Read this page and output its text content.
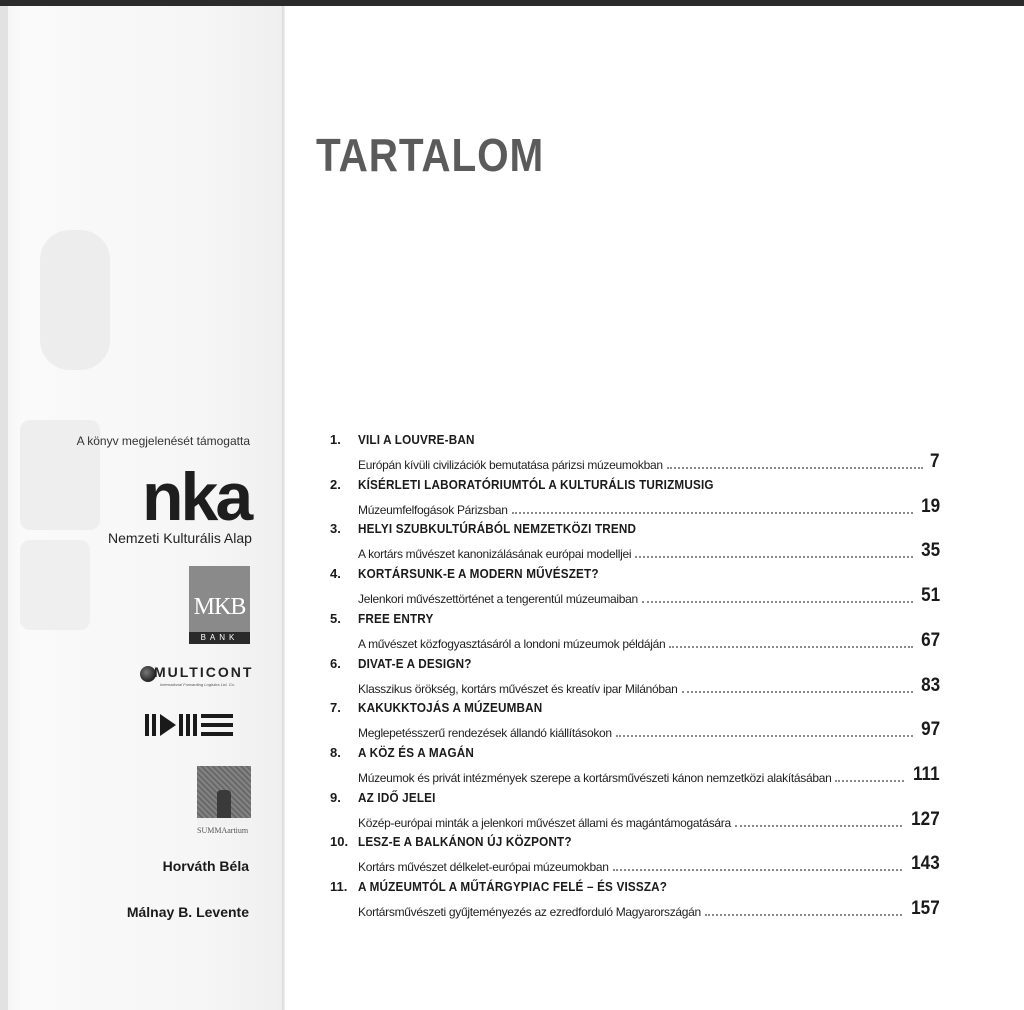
A könyv megjelenését támogatta
nka
Nemzeti Kulturális Alap
MKB
BANK
MULTICONT
International Forwarding Logistics Ltd. Co.
SUMMAartium
Horváth Béla
Málnay B. Levente
TARTALOM
1. VILI A LOUVRE-BAN
Európán kívüli civilizációk bemutatása párizsi múzeumokban	7
2. KÍSÉRLETI LABORATÓRIUMTÓL A KULTURÁLIS TURIZMUSIG
Múzeumfelfogások Párizsban	19
3. HELYI SZUBKULTÚRÁBÓL NEMZETKÖZI TREND
A kortárs művészet kanonizálásának európai modelljei	35
4. KORTÁRSUNK-E A MODERN MŰVÉSZET?
Jelenkori művészettörténet a tengerentúl múzeumaiban	51
5. FREE ENTRY
A művészet közfogyasztásáról a londoni múzeumok példáján	67
6. DIVAT-E A DESIGN?
Klasszikus örökség, kortárs művészet és kreatív ipar Milánóban	83
7. KAKUKKTOJÁS A MÚZEUMBAN
Meglepetésszerű rendezések állandó kiállításokon	97
8. A KÖZ ÉS A MAGÁN
Múzeumok és privát intézmények szerepe a kortársművészeti kánon nemzetközi alakításában	111
9. AZ IDŐ JELEI
Közép-európai minták a jelenkori művészet állami és magántámogatására	127
10. LESZ-E A BALKÁNON ÚJ KÖZPONT?
Kortárs művészet délkelet-európai múzeumokban	143
11. A MÚZEUMTÓL A MŰTÁRGYPIAC FELÉ – ÉS VISSZA?
Kortársművészeti gyűjteményezés az ezredforduló Magyarországán	157
